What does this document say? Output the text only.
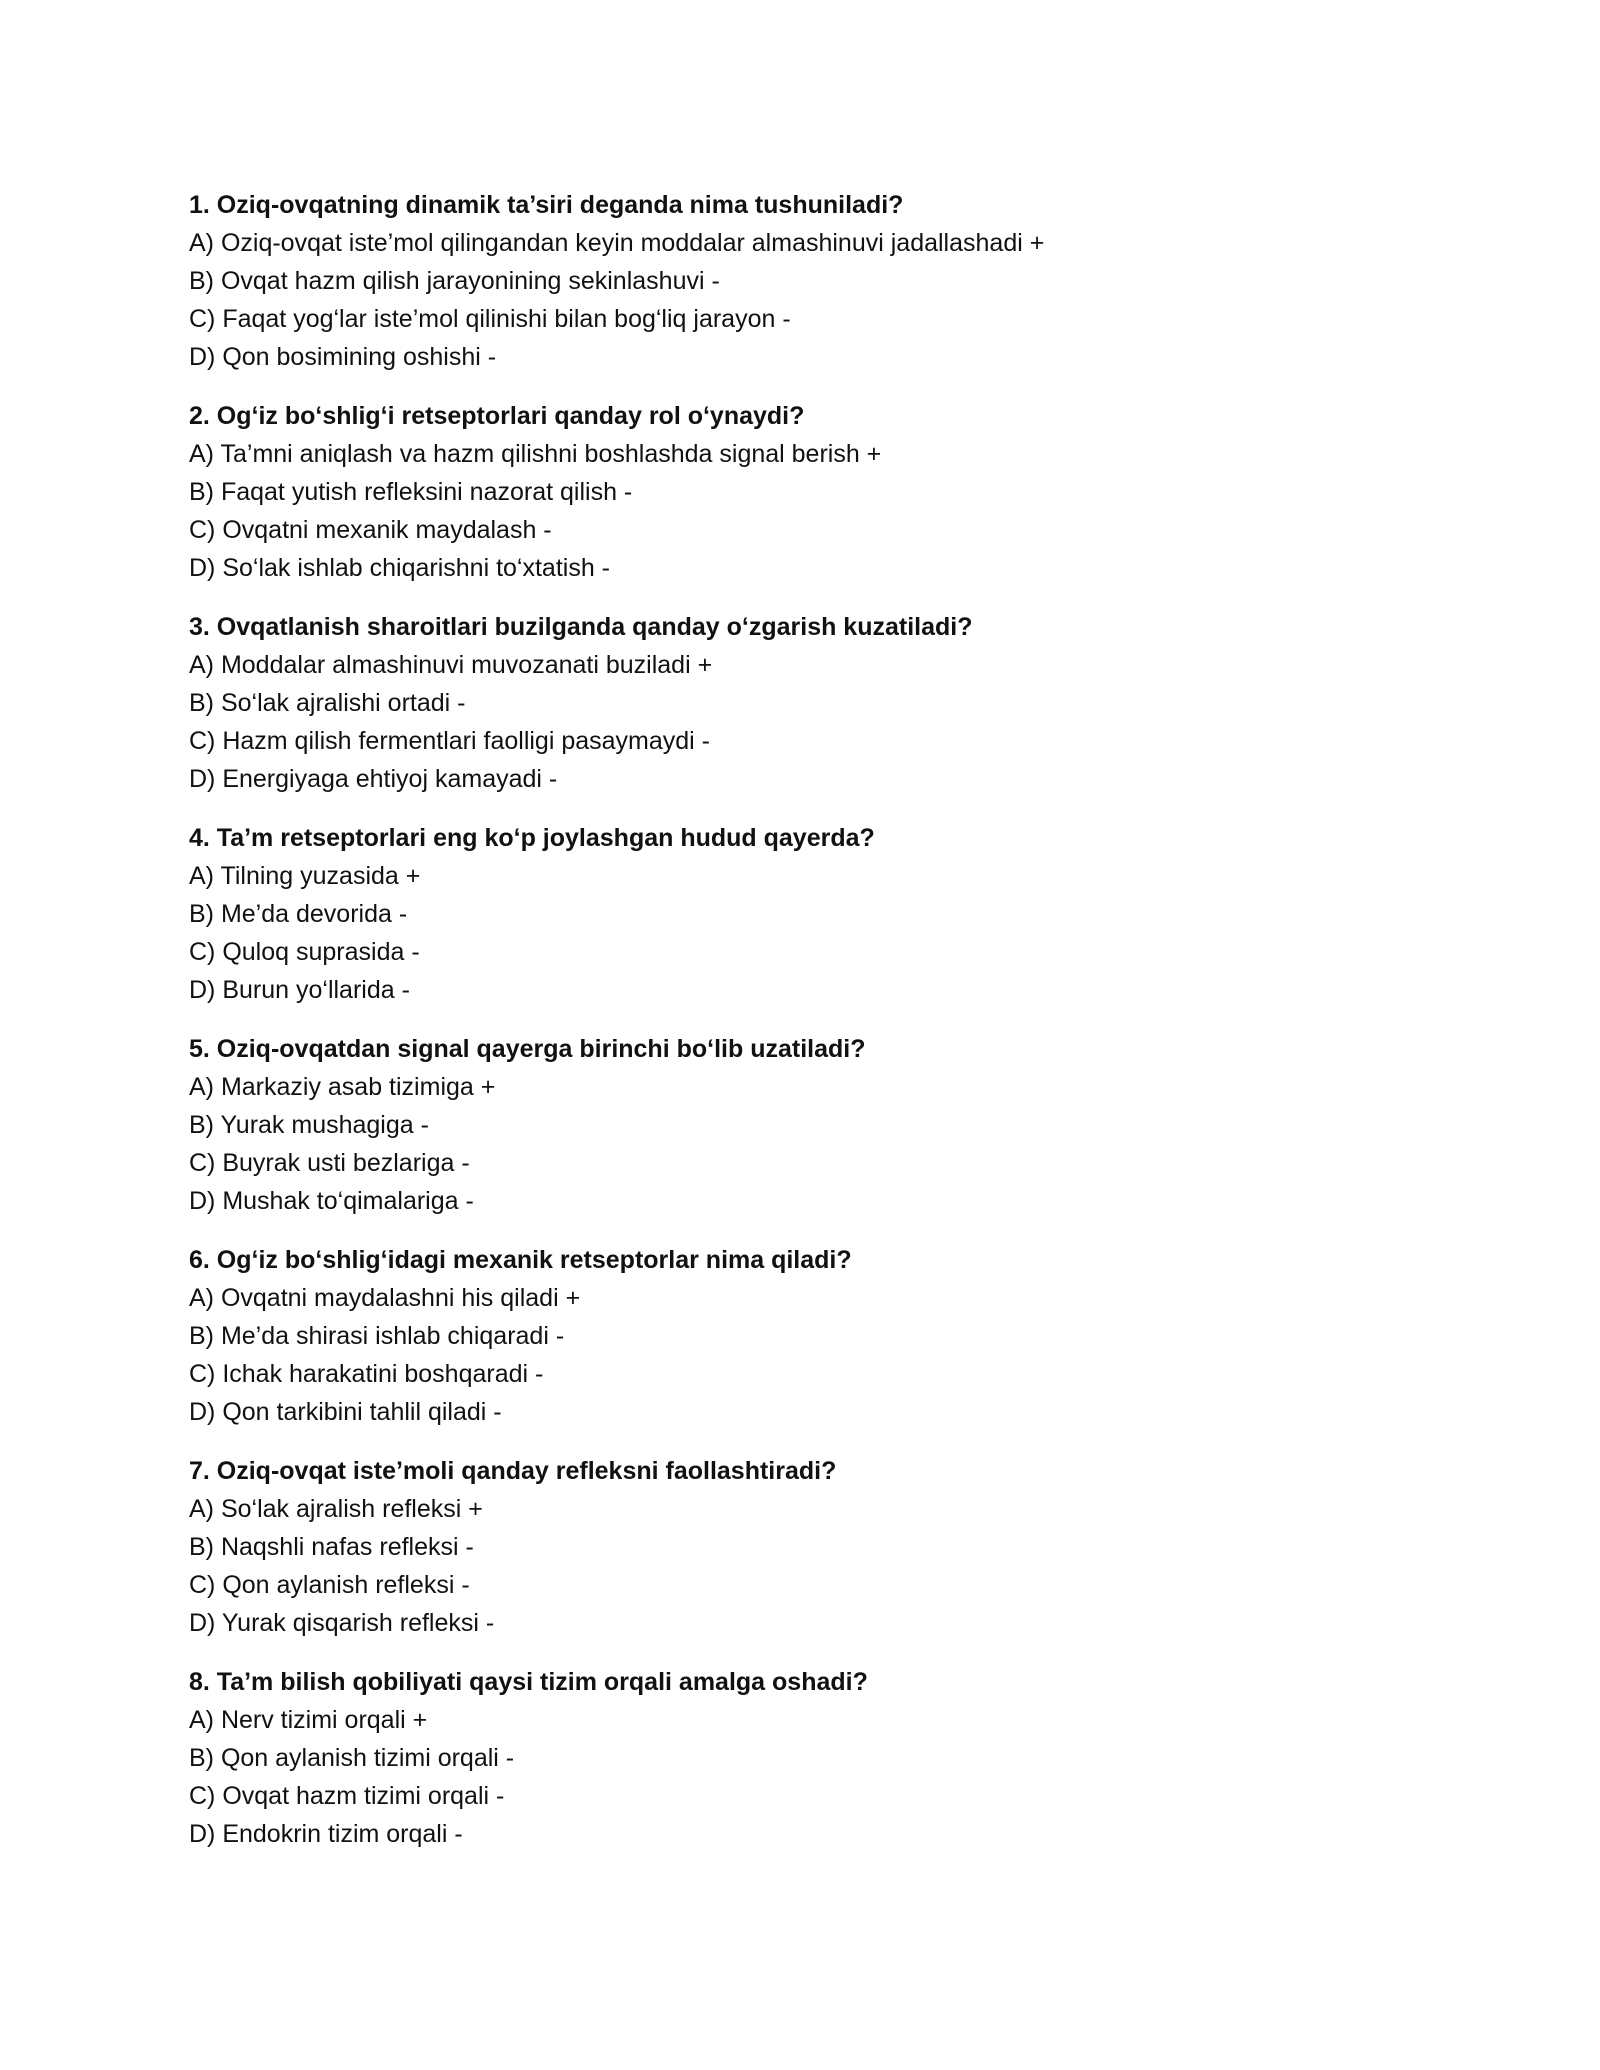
1. Oziq-ovqatning dinamik ta’siri deganda nima tushuniladi?
A) Oziq-ovqat iste’mol qilingandan keyin moddalar almashinuvi jadallashadi +
B) Ovqat hazm qilish jarayonining sekinlashuvi -
C) Faqat yog‘lar iste’mol qilinishi bilan bog‘liq jarayon -
D) Qon bosimining oshishi -
2. Og‘iz bo‘shlig‘i retseptorlari qanday rol o‘ynaydi?
A) Ta’mni aniqlash va hazm qilishni boshlashda signal berish +
B) Faqat yutish refleksini nazorat qilish -
C) Ovqatni mexanik maydalash -
D) So‘lak ishlab chiqarishni to‘xtatish -
3. Ovqatlanish sharoitlari buzilganda qanday o‘zgarish kuzatiladi?
A) Moddalar almashinuvi muvozanati buziladi +
B) So‘lak ajralishi ortadi -
C) Hazm qilish fermentlari faolligi pasaymaydi -
D) Energiyaga ehtiyoj kamayadi -
4. Ta’m retseptorlari eng ko‘p joylashgan hudud qayerda?
A) Tilning yuzasida +
B) Me’da devorida -
C) Quloq suprasida -
D) Burun yo‘llarida -
5. Oziq-ovqatdan signal qayerga birinchi bo‘lib uzatiladi?
A) Markaziy asab tizimiga +
B) Yurak mushagiga -
C) Buyrak usti bezlariga -
D) Mushak to‘qimalariga -
6. Og‘iz bo‘shlig‘idagi mexanik retseptorlar nima qiladi?
A) Ovqatni maydalashni his qiladi +
B) Me’da shirasi ishlab chiqaradi -
C) Ichak harakatini boshqaradi -
D) Qon tarkibini tahlil qiladi -
7. Oziq-ovqat iste’moli qanday refleksni faollashtiradi?
A) So‘lak ajralish refleksi +
B) Naqshli nafas refleksi -
C) Qon aylanish refleksi -
D) Yurak qisqarish refleksi -
8. Ta’m bilish qobiliyati qaysi tizim orqali amalga oshadi?
A) Nerv tizimi orqali +
B) Qon aylanish tizimi orqali -
C) Ovqat hazm tizimi orqali -
D) Endokrin tizim orqali -
